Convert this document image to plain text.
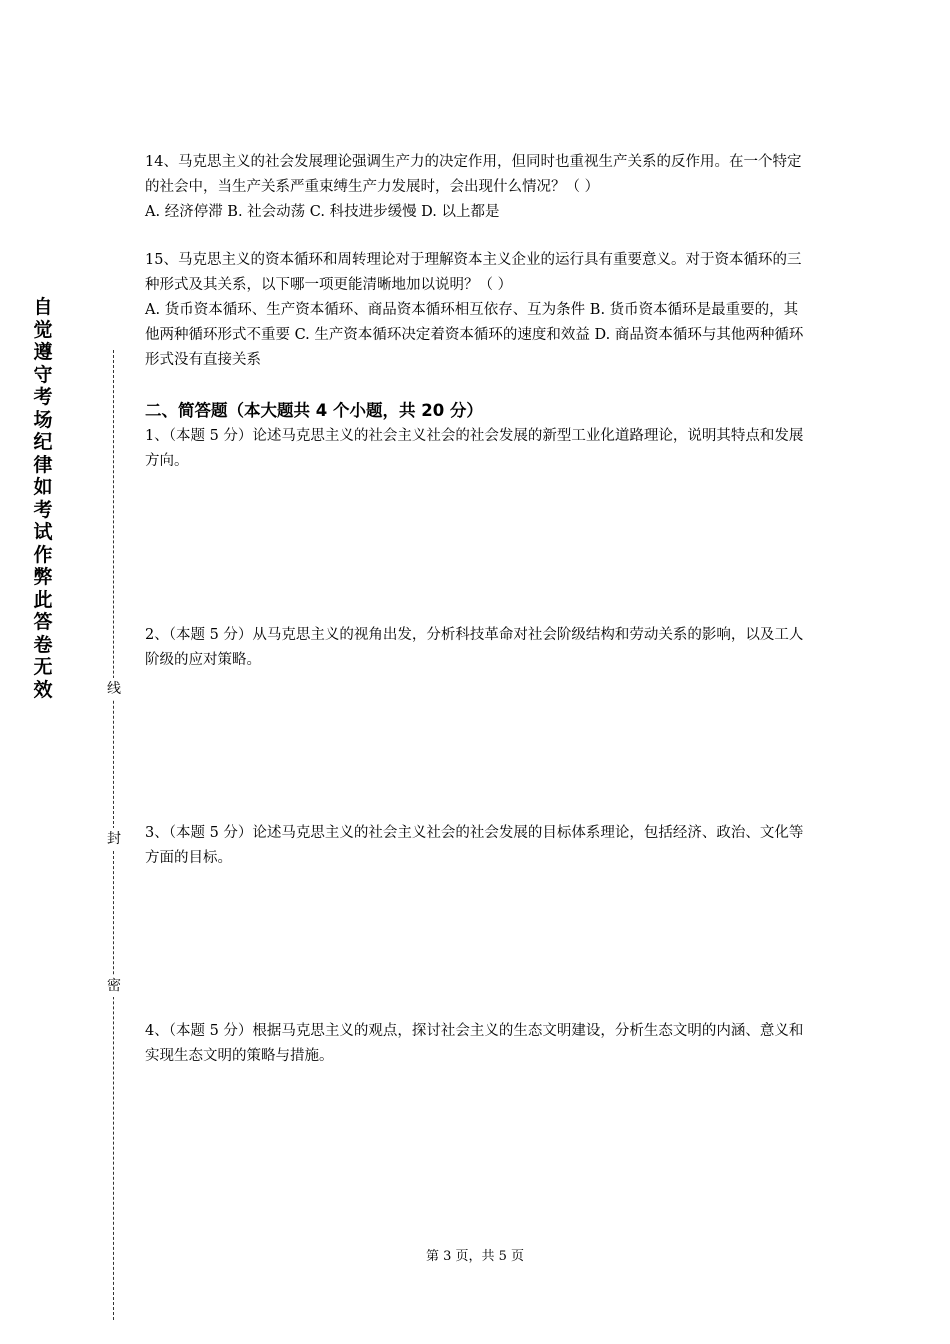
自觉遵守考场纪律如考试作弊此答卷无效	线
封
密

14、马克思主义的社会发展理论强调生产力的决定作用，但同时也重视生产关系的反作用。在一个特定的社会中，当生产关系严重束缚生产力发展时，会出现什么情况？（ ）

A. 经济停滞 B. 社会动荡 C. 科技进步缓慢 D. 以上都是

15、马克思主义的资本循环和周转理论对于理解资本主义企业的运行具有重要意义。对于资本循环的三种形式及其关系，以下哪一项更能清晰地加以说明？（ ）

A. 货币资本循环、生产资本循环、商品资本循环相互依存、互为条件 B. 货币资本循环是最重要的，其他两种循环形式不重要 C. 生产资本循环决定着资本循环的速度和效益 D. 商品资本循环与其他两种循环形式没有直接关系

二、简答题（本大题共 4 个小题，共 20 分）

1、（本题 5 分）论述马克思主义的社会主义社会的社会发展的新型工业化道路理论，说明其特点和发展方向。

2、（本题 5 分）从马克思主义的视角出发，分析科技革命对社会阶级结构和劳动关系的影响，以及工人阶级的应对策略。

3、（本题 5 分）论述马克思主义的社会主义社会的社会发展的目标体系理论，包括经济、政治、文化等方面的目标。

4、（本题 5 分）根据马克思主义的观点，探讨社会主义的生态文明建设，分析生态文明的内涵、意义和实现生态文明的策略与措施。

第 3 页，共 5 页
